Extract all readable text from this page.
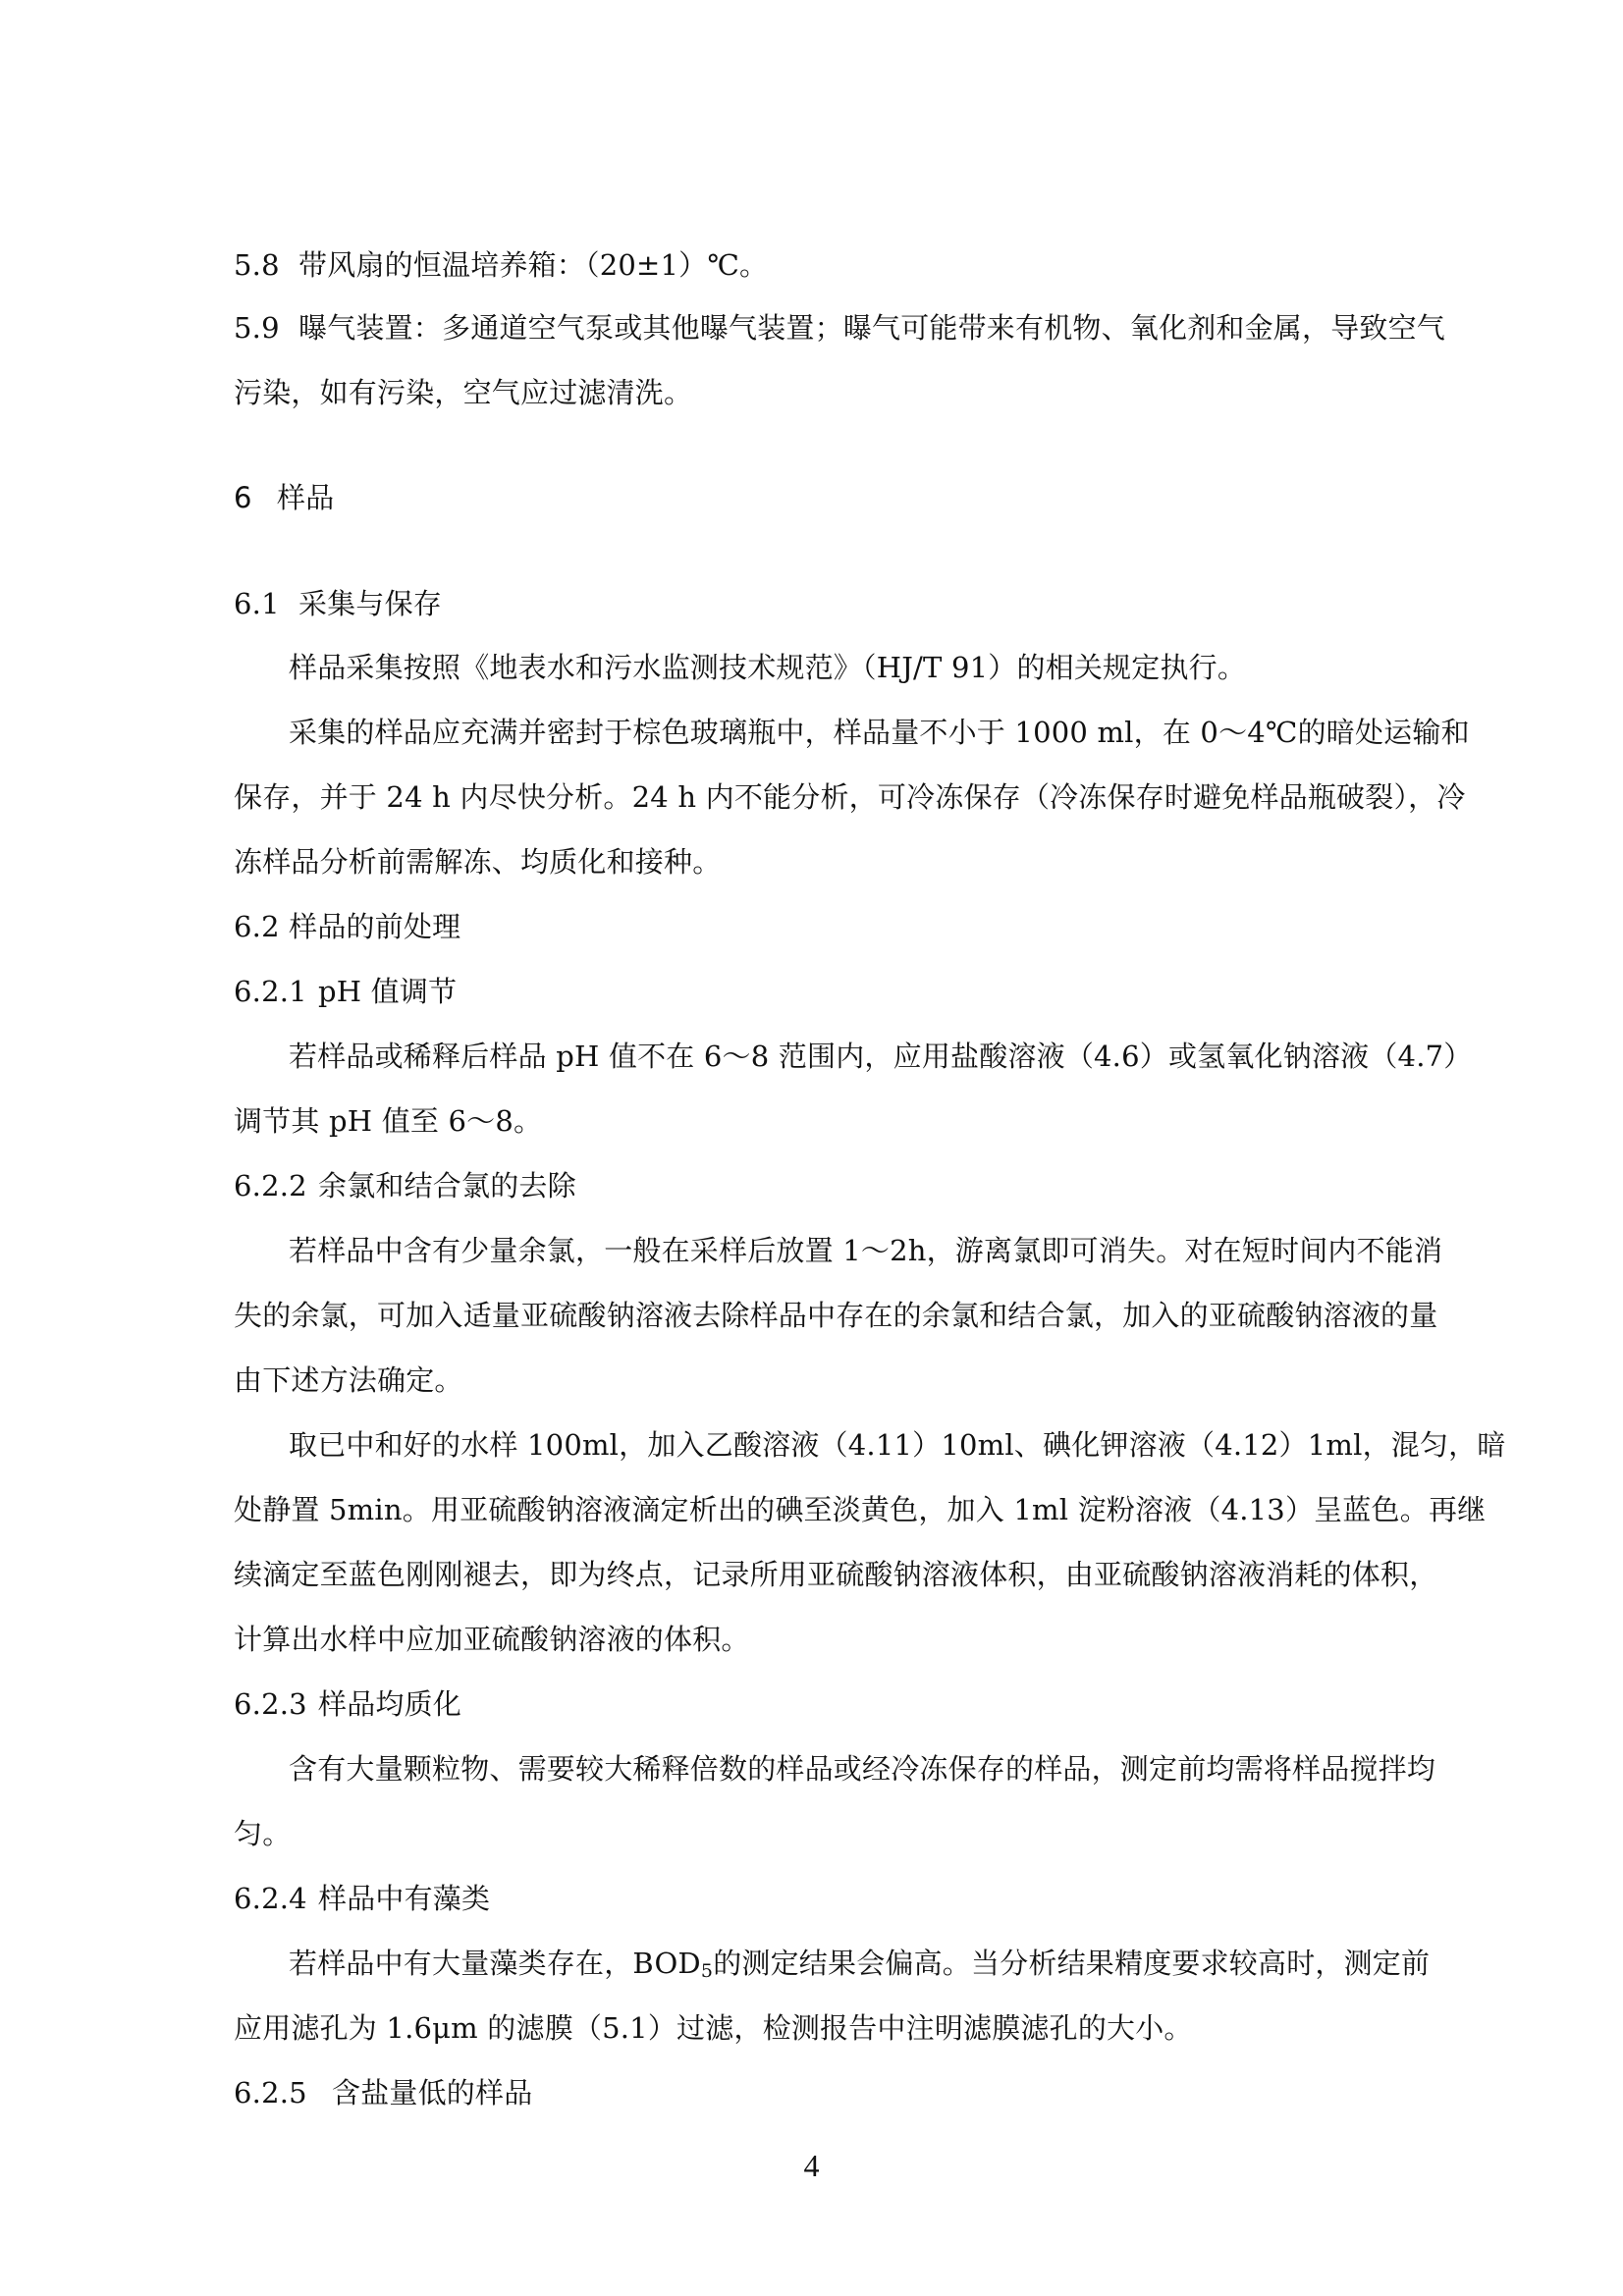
5.8 带风扇的恒温培养箱：（20±1）℃。
5.9 曝气装置：多通道空气泵或其他曝气装置；曝气可能带来有机物、氧化剂和金属，导致空气
污染，如有污染，空气应过滤清洗。
6 样品
6.1 采集与保存
样品采集按照《地表水和污水监测技术规范》（HJ/T 91）的相关规定执行。
采集的样品应充满并密封于棕色玻璃瓶中，样品量不小于 1000 ml，在 0～4℃的暗处运输和
保存，并于 24 h 内尽快分析。24 h 内不能分析，可冷冻保存（冷冻保存时避免样品瓶破裂），冷
冻样品分析前需解冻、均质化和接种。
6.2 样品的前处理
6.2.1 pH 值调节
若样品或稀释后样品 pH 值不在 6～8 范围内，应用盐酸溶液（4.6）或氢氧化钠溶液（4.7）
调节其 pH 值至 6～8。
6.2.2 余氯和结合氯的去除
若样品中含有少量余氯，一般在采样后放置 1～2h，游离氯即可消失。对在短时间内不能消
失的余氯，可加入适量亚硫酸钠溶液去除样品中存在的余氯和结合氯，加入的亚硫酸钠溶液的量
由下述方法确定。
取已中和好的水样 100ml，加入乙酸溶液（4.11）10ml、碘化钾溶液（4.12）1ml，混匀，暗
处静置 5min。用亚硫酸钠溶液滴定析出的碘至淡黄色，加入 1ml 淀粉溶液（4.13）呈蓝色。再继
续滴定至蓝色刚刚褪去，即为终点，记录所用亚硫酸钠溶液体积，由亚硫酸钠溶液消耗的体积，
计算出水样中应加亚硫酸钠溶液的体积。
6.2.3 样品均质化
含有大量颗粒物、需要较大稀释倍数的样品或经冷冻保存的样品，测定前均需将样品搅拌均
匀。
6.2.4 样品中有藻类
若样品中有大量藻类存在，$BOD_5$的测定结果会偏高。当分析结果精度要求较高时，测定前
应用滤孔为 1.6μm 的滤膜（5.1）过滤，检测报告中注明滤膜滤孔的大小。
6.2.5 含盐量低的样品
4
